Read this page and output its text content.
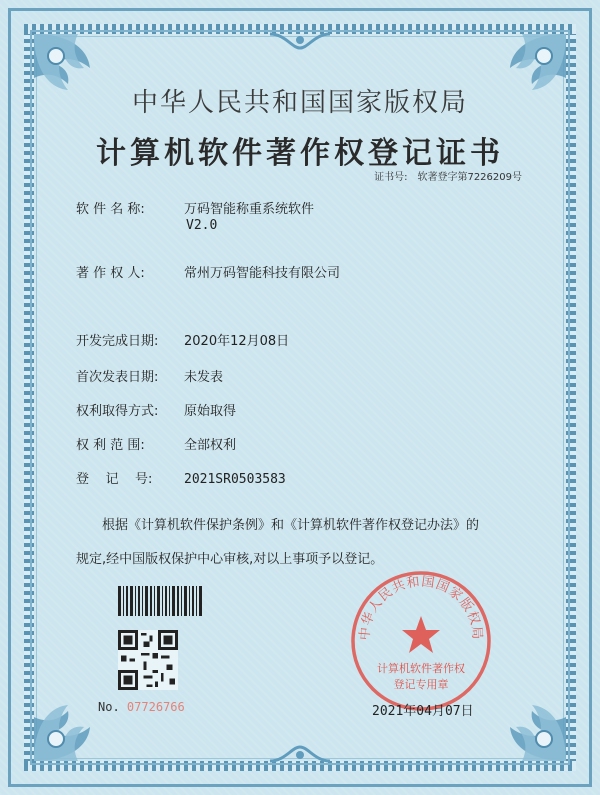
中华人民共和国国家版权局
计算机软件著作权登记证书
证书号: 软著登字第7226209号
软 件 名 称:	万码智能称重系统软件
V2.0
著 作 权 人:	常州万码智能科技有限公司
开发完成日期: 2020年12月08日
首次发表日期: 未发表
权利取得方式: 原始取得
权 利 范 围:	全部权利
登    记    号: 2021SR0503583
根据《计算机软件保护条例》和《计算机软件著作权登记办法》的
规定,经中国版权保护中心审核,对以上事项予以登记。
No. 07726766
中华人民共和国国家版权局
计算机软件著作权
登记专用章
2021年04月07日
